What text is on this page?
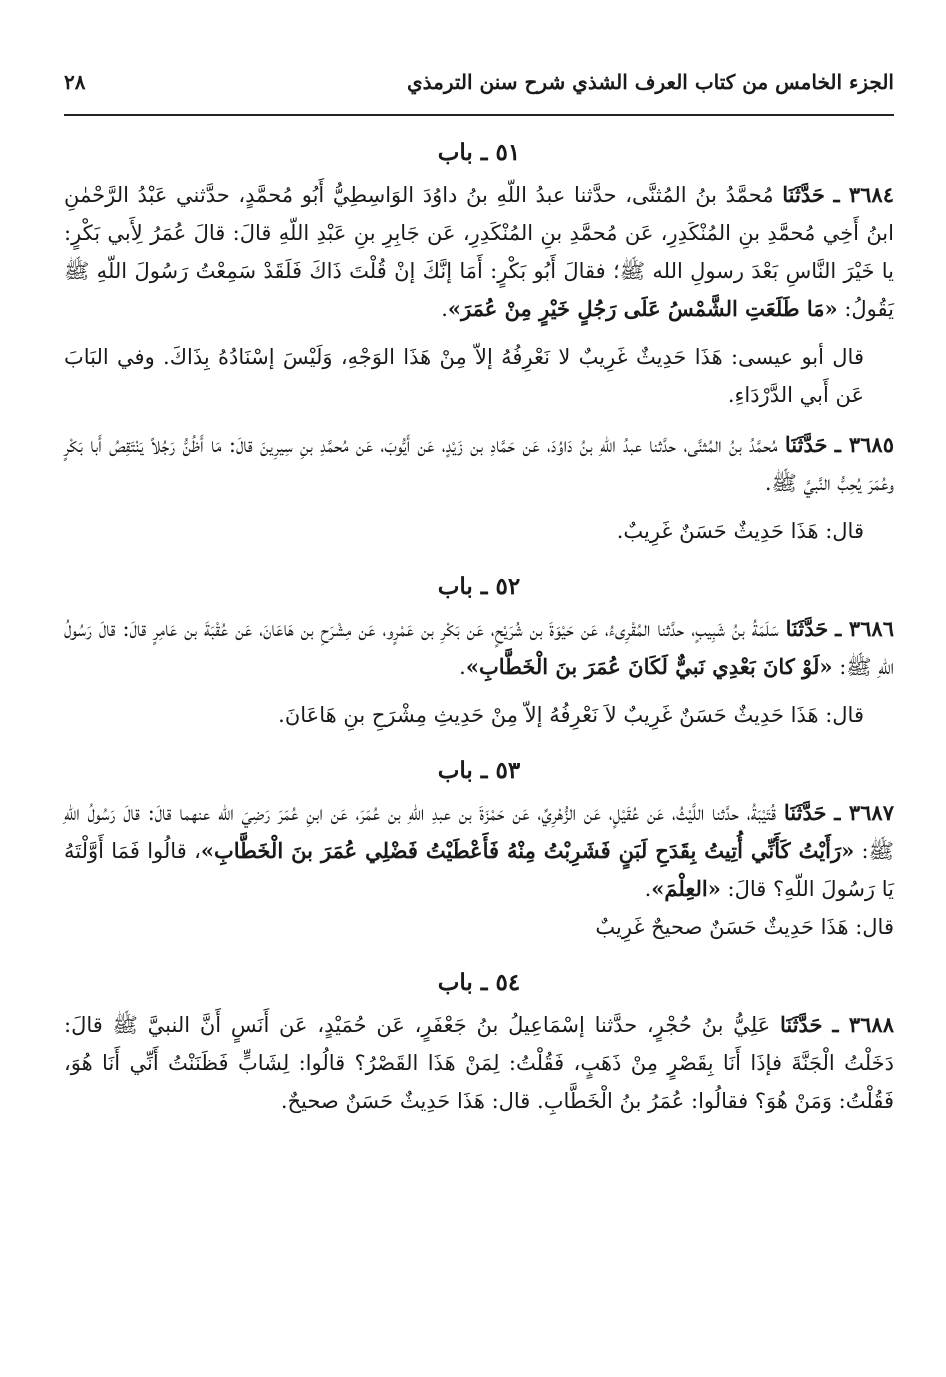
الجزء الخامس من كتاب العرف الشذي شرح سنن الترمذي
٢٨
٥١ ـ باب

٣٦٨٤ ـ حَدَّثَنَا مُحمَّدُ بنُ المُثنَّى، حدَّثنا عبدُ اللّهِ بنُ داوُدَ الوَاسِطِيُّ أَبُو مُحمَّدٍ، حدَّثني عَبْدُ الرَّحْمٰنِ ابنُ أَخِي مُحمَّدِ بنِ المُنْكَدِرِ، عَن مُحمَّدِ بنِ المُنْكَدِرِ، عَن جَابِرِ بنِ عَبْدِ اللّهِ قالَ: قالَ عُمَرُ لِأَبي بَكْرٍ: يا خَيْرَ النَّاسِ بَعْدَ رسولِ الله ﷺ؛ فقالَ أَبُو بَكْرٍ: أَمَا إنَّكَ إنْ قُلْتَ ذَاكَ فَلَقَدْ سَمِعْتُ رَسُولَ اللّهِ ﷺ يَقُولُ: «مَا طَلَعَتِ الشَّمْسُ عَلَى رَجُلٍ خَيْرٍ مِنْ عُمَرَ».

قال أبو عيسى: هَذَا حَدِيثٌ غَرِيبٌ لا نَعْرِفُهُ إلاّ مِنْ هَذَا الوَجْهِ، وَلَيْسَ إسْنَادُهُ بِذَاكَ. وفي البَابَ عَن أَبي الدَّرْدَاءِ.

٣٦٨٥ ـ حَدَّثَنَا مُحمَّدُ بنُ المُثنَّى، حدَّثنا عبدُ اللّهِ بنُ دَاوُدَ، عَن حَمَّادِ بن زَيْدٍ، عَن أَيُّوبَ، عَن مُحمَّدِ بنِ سِيرِينَ قالَ: مَا أَظُنُّ رَجُلاً يَنْتَقِصُ أَبا بَكْرٍ وعُمَرَ يُحِبُّ النَّبيَّ ﷺ.

قال: هَذَا حَدِيثٌ حَسَنٌ غَرِيبٌ.

٥٢ ـ باب

٣٦٨٦ ـ حَدَّثَنَا سَلَمَةُ بنُ شَبِيبٍ، حدَّثنا المُقْرِىءُ، عَن حَيْوَةَ بن شُرَيْحٍ، عَن بَكْرِ بن عَمْرٍو، عَن مِشْرَحِ بن هَاعَانَ، عَن عُقْبَةَ بن عَامِرٍ قالَ: قالَ رَسُولُ اللّهِ ﷺ: «لَوْ كانَ بَعْدِي نَبيٌّ لَكَانَ عُمَرَ بنَ الْخَطَّابِ».

قال: هَذَا حَدِيثٌ حَسَنٌ غَرِيبٌ لاَ نَعْرِفُهُ إلاّ مِنْ حَدِيثِ مِشْرَحِ بنِ هَاعَانَ.

٥٣ ـ باب

٣٦٨٧ ـ حَدَّثَنَا قُتَيْبَةُ، حدَّثنا اللَّيْثُ، عَن عُقَيْلٍ، عَن الزُّهْرِيِّ، عَن حَمْزَةَ بن عبدِ اللّهِ بن عُمَرَ، عَن ابنِ عُمَرَ رَضِيَ الله عنهما قالَ: قالَ رَسُولُ اللّهِ ﷺ: «رَأَيْتُ كَأَنِّي أُتِيتُ بِقَدَحِ لَبَنٍ فَشَرِبْتُ مِنْهُ فَأَعْطَيْتُ فَضْلِي عُمَرَ بنَ الْخَطَّابِ»، قالُوا فَمَا أَوَّلْتَهُ يَا رَسُولَ اللّهِ؟ قالَ: «العِلْمَ».

قال: هَذَا حَدِيثٌ حَسَنٌ صحيحٌ غَرِيبٌ

٥٤ ـ باب

٣٦٨٨ ـ حَدَّثَنَا عَلِيُّ بنُ حُجْرٍ، حدَّثنا إسْمَاعِيلُ بنُ جَعْفَرٍ، عَن حُمَيْدٍ، عَن أَنَسٍ أَنَّ النبيَّ ﷺ قالَ: دَخَلْتُ الْجَنَّةَ فإذَا أَنَا بِقَصْرٍ مِنْ ذَهَبٍ، فَقُلْتُ: لِمَنْ هَذَا القَصْرُ؟ قالُوا: لِشَابٍّ فَظَنَنْتُ أَنِّي أَنَا هُوَ، فَقُلْتُ: وَمَنْ هُوَ؟ فقالُوا: عُمَرُ بنُ الْخَطَّابِ. قال: هَذَا حَدِيثٌ حَسَنٌ صحيحٌ.
